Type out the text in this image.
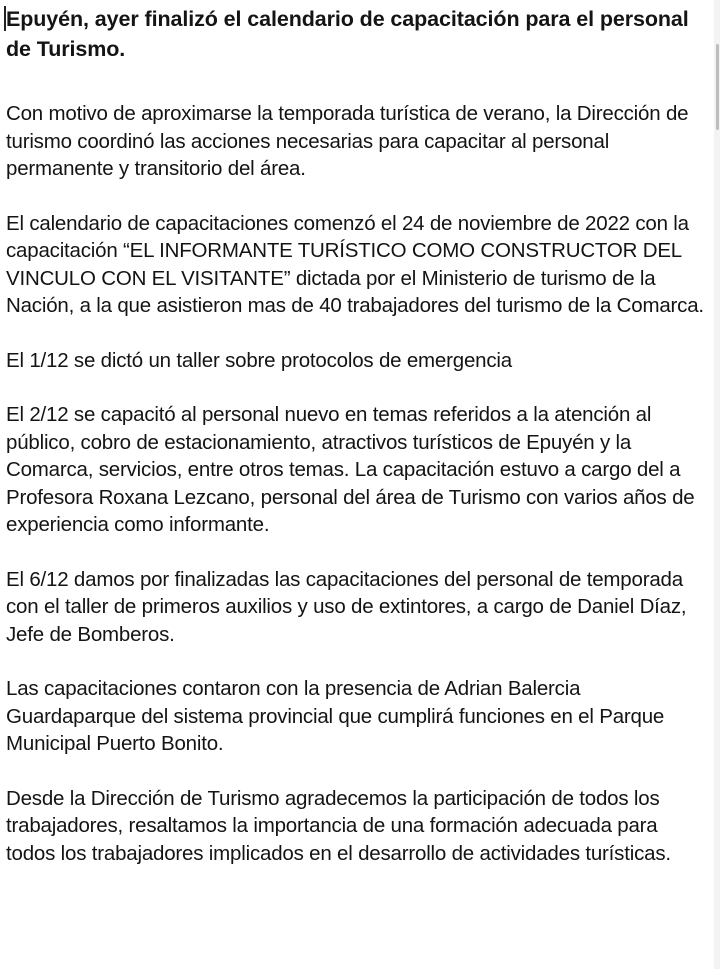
Epuyén, ayer finalizó el calendario de capacitación para el personal de Turismo.

Con motivo de aproximarse la temporada turística de verano, la Dirección de turismo coordinó las acciones necesarias para capacitar al personal permanente y transitorio del área.

El calendario de capacitaciones comenzó el 24 de noviembre de 2022 con la capacitación “EL INFORMANTE TURÍSTICO COMO CONSTRUCTOR DEL VINCULO CON EL VISITANTE” dictada por el Ministerio de turismo de la Nación, a la que asistieron mas de 40 trabajadores del turismo de la Comarca.

El 1/12 se dictó un taller sobre protocolos de emergencia

El 2/12 se capacitó al personal nuevo en temas referidos a la atención al público, cobro de estacionamiento, atractivos turísticos de Epuyén y la Comarca, servicios, entre otros temas. La capacitación estuvo a cargo del a Profesora Roxana Lezcano, personal del área de Turismo con varios años de experiencia como informante.

El 6/12 damos por finalizadas las capacitaciones del personal de temporada con el taller de primeros auxilios y uso de extintores, a cargo de Daniel Díaz, Jefe de Bomberos.

Las capacitaciones contaron con la presencia de Adrian Balercia Guardaparque del sistema provincial que cumplirá funciones en el Parque Municipal Puerto Bonito.

Desde la Dirección de Turismo agradecemos la participación de todos los trabajadores, resaltamos la importancia de una formación adecuada para todos los trabajadores implicados en el desarrollo de actividades turísticas.
